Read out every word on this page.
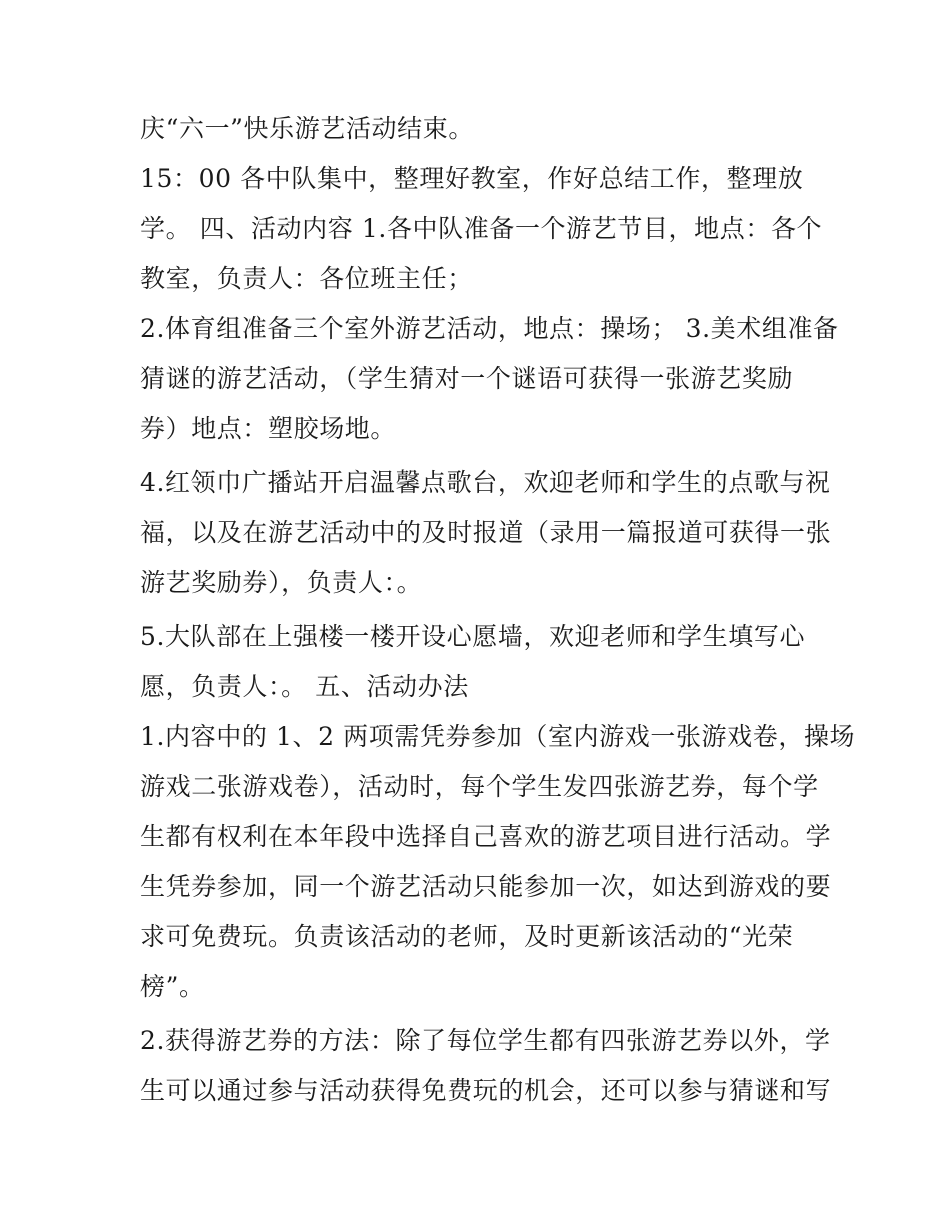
庆“六一”快乐游艺活动结束。
15：00 各中队集中，整理好教室，作好总结工作，整理放
学。 四、活动内容 1.各中队准备一个游艺节目，地点：各个
教室，负责人：各位班主任；
2.体育组准备三个室外游艺活动，地点：操场； 3.美术组准备
猜谜的游艺活动，（学生猜对一个谜语可获得一张游艺奖励
券）地点：塑胶场地。
4.红领巾广播站开启温馨点歌台，欢迎老师和学生的点歌与祝
福，以及在游艺活动中的及时报道（录用一篇报道可获得一张
游艺奖励券），负责人：。
5.大队部在上强楼一楼开设心愿墙，欢迎老师和学生填写心
愿，负责人：。 五、活动办法
1.内容中的 1、2 两项需凭券参加（室内游戏一张游戏卷，操场
游戏二张游戏卷），活动时，每个学生发四张游艺券，每个学
生都有权利在本年段中选择自己喜欢的游艺项目进行活动。学
生凭券参加，同一个游艺活动只能参加一次，如达到游戏的要
求可免费玩。负责该活动的老师，及时更新该活动的“光荣
榜”。
2.获得游艺券的方法：除了每位学生都有四张游艺券以外，学
生可以通过参与活动获得免费玩的机会，还可以参与猜谜和写
